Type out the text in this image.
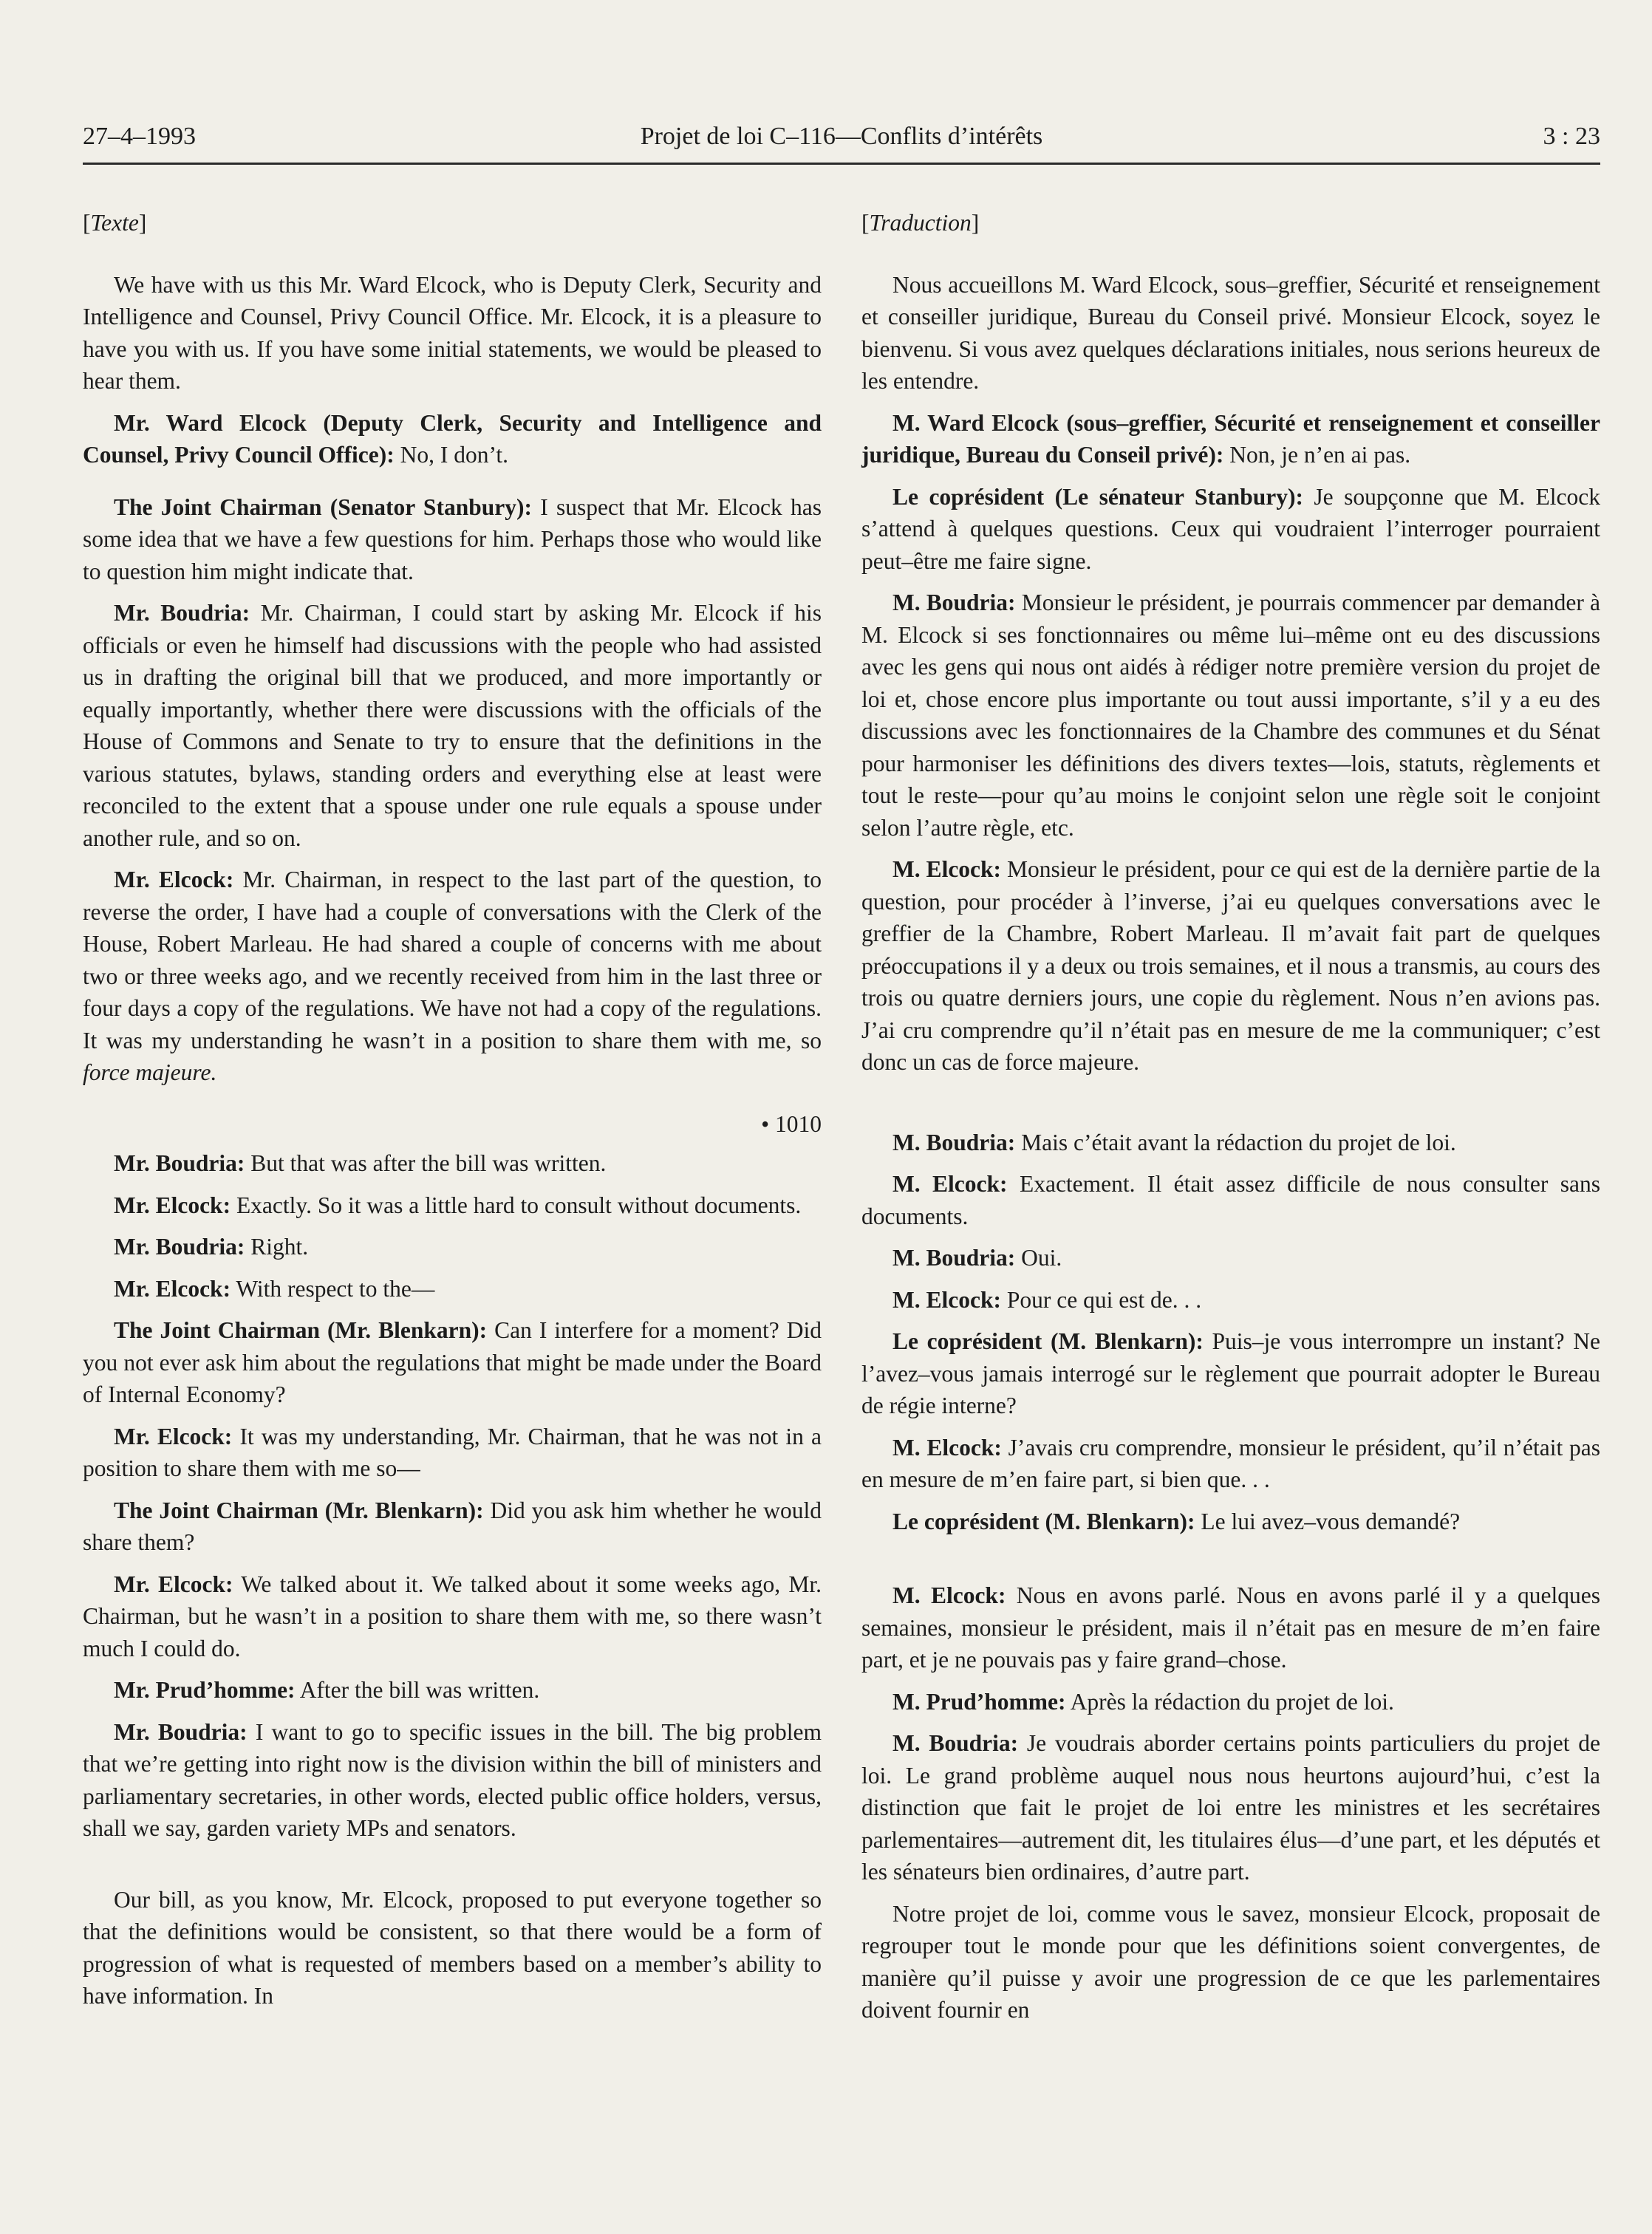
27–4–1993	Projet de loi C–116—Conflits d’intérêts	3 : 23

[Texte]

We have with us this Mr. Ward Elcock, who is Deputy Clerk, Security and Intelligence and Counsel, Privy Council Office. Mr. Elcock, it is a pleasure to have you with us. If you have some initial statements, we would be pleased to hear them.

Mr. Ward Elcock (Deputy Clerk, Security and Intelligence and Counsel, Privy Council Office): No, I don’t.

The Joint Chairman (Senator Stanbury): I suspect that Mr. Elcock has some idea that we have a few questions for him. Perhaps those who would like to question him might indicate that.

Mr. Boudria: Mr. Chairman, I could start by asking Mr. Elcock if his officials or even he himself had discussions with the people who had assisted us in drafting the original bill that we produced, and more importantly or equally importantly, whether there were discussions with the officials of the House of Commons and Senate to try to ensure that the definitions in the various statutes, bylaws, standing orders and everything else at least were reconciled to the extent that a spouse under one rule equals a spouse under another rule, and so on.

Mr. Elcock: Mr. Chairman, in respect to the last part of the question, to reverse the order, I have had a couple of conversations with the Clerk of the House, Robert Marleau. He had shared a couple of concerns with me about two or three weeks ago, and we recently received from him in the last three or four days a copy of the regulations. We have not had a copy of the regulations. It was my understanding he wasn’t in a position to share them with me, so force majeure.

• 1010

Mr. Boudria: But that was after the bill was written.

Mr. Elcock: Exactly. So it was a little hard to consult without documents.

Mr. Boudria: Right.

Mr. Elcock: With respect to the—

The Joint Chairman (Mr. Blenkarn): Can I interfere for a moment? Did you not ever ask him about the regulations that might be made under the Board of Internal Economy?

Mr. Elcock: It was my understanding, Mr. Chairman, that he was not in a position to share them with me so—

The Joint Chairman (Mr. Blenkarn): Did you ask him whether he would share them?

Mr. Elcock: We talked about it. We talked about it some weeks ago, Mr. Chairman, but he wasn’t in a position to share them with me, so there wasn’t much I could do.

Mr. Prud’homme: After the bill was written.

Mr. Boudria: I want to go to specific issues in the bill. The big problem that we’re getting into right now is the division within the bill of ministers and parliamentary secretaries, in other words, elected public office holders, versus, shall we say, garden variety MPs and senators.

Our bill, as you know, Mr. Elcock, proposed to put everyone together so that the definitions would be consistent, so that there would be a form of progression of what is requested of members based on a member’s ability to have information. In

[Traduction]

Nous accueillons M. Ward Elcock, sous–greffier, Sécurité et renseignement et conseiller juridique, Bureau du Conseil privé. Monsieur Elcock, soyez le bienvenu. Si vous avez quelques déclarations initiales, nous serions heureux de les entendre.

M. Ward Elcock (sous–greffier, Sécurité et renseignement et conseiller juridique, Bureau du Conseil privé): Non, je n’en ai pas.

Le coprésident (Le sénateur Stanbury): Je soupçonne que M. Elcock s’attend à quelques questions. Ceux qui voudraient l’interroger pourraient peut–être me faire signe.

M. Boudria: Monsieur le président, je pourrais commencer par demander à M. Elcock si ses fonctionnaires ou même lui–même ont eu des discussions avec les gens qui nous ont aidés à rédiger notre première version du projet de loi et, chose encore plus importante ou tout aussi importante, s’il y a eu des discussions avec les fonctionnaires de la Chambre des communes et du Sénat pour harmoniser les définitions des divers textes—lois, statuts, règlements et tout le reste—pour qu’au moins le conjoint selon une règle soit le conjoint selon l’autre règle, etc.

M. Elcock: Monsieur le président, pour ce qui est de la dernière partie de la question, pour procéder à l’inverse, j’ai eu quelques conversations avec le greffier de la Chambre, Robert Marleau. Il m’avait fait part de quelques préoccupations il y a deux ou trois semaines, et il nous a transmis, au cours des trois ou quatre derniers jours, une copie du règlement. Nous n’en avions pas. J’ai cru comprendre qu’il n’était pas en mesure de me la communiquer; c’est donc un cas de force majeure.

M. Boudria: Mais c’était avant la rédaction du projet de loi.

M. Elcock: Exactement. Il était assez difficile de nous consulter sans documents.

M. Boudria: Oui.

M. Elcock: Pour ce qui est de. . .

Le coprésident (M. Blenkarn): Puis–je vous interrompre un instant? Ne l’avez–vous jamais interrogé sur le règlement que pourrait adopter le Bureau de régie interne?

M. Elcock: J’avais cru comprendre, monsieur le président, qu’il n’était pas en mesure de m’en faire part, si bien que. . .

Le coprésident (M. Blenkarn): Le lui avez–vous demandé?

M. Elcock: Nous en avons parlé. Nous en avons parlé il y a quelques semaines, monsieur le président, mais il n’était pas en mesure de m’en faire part, et je ne pouvais pas y faire grand–chose.

M. Prud’homme: Après la rédaction du projet de loi.

M. Boudria: Je voudrais aborder certains points particuliers du projet de loi. Le grand problème auquel nous nous heurtons aujourd’hui, c’est la distinction que fait le projet de loi entre les ministres et les secrétaires parlementaires—autrement dit, les titulaires élus—d’une part, et les députés et les sénateurs bien ordinaires, d’autre part.

Notre projet de loi, comme vous le savez, monsieur Elcock, proposait de regrouper tout le monde pour que les définitions soient convergentes, de manière qu’il puisse y avoir une progression de ce que les parlementaires doivent fournir en
